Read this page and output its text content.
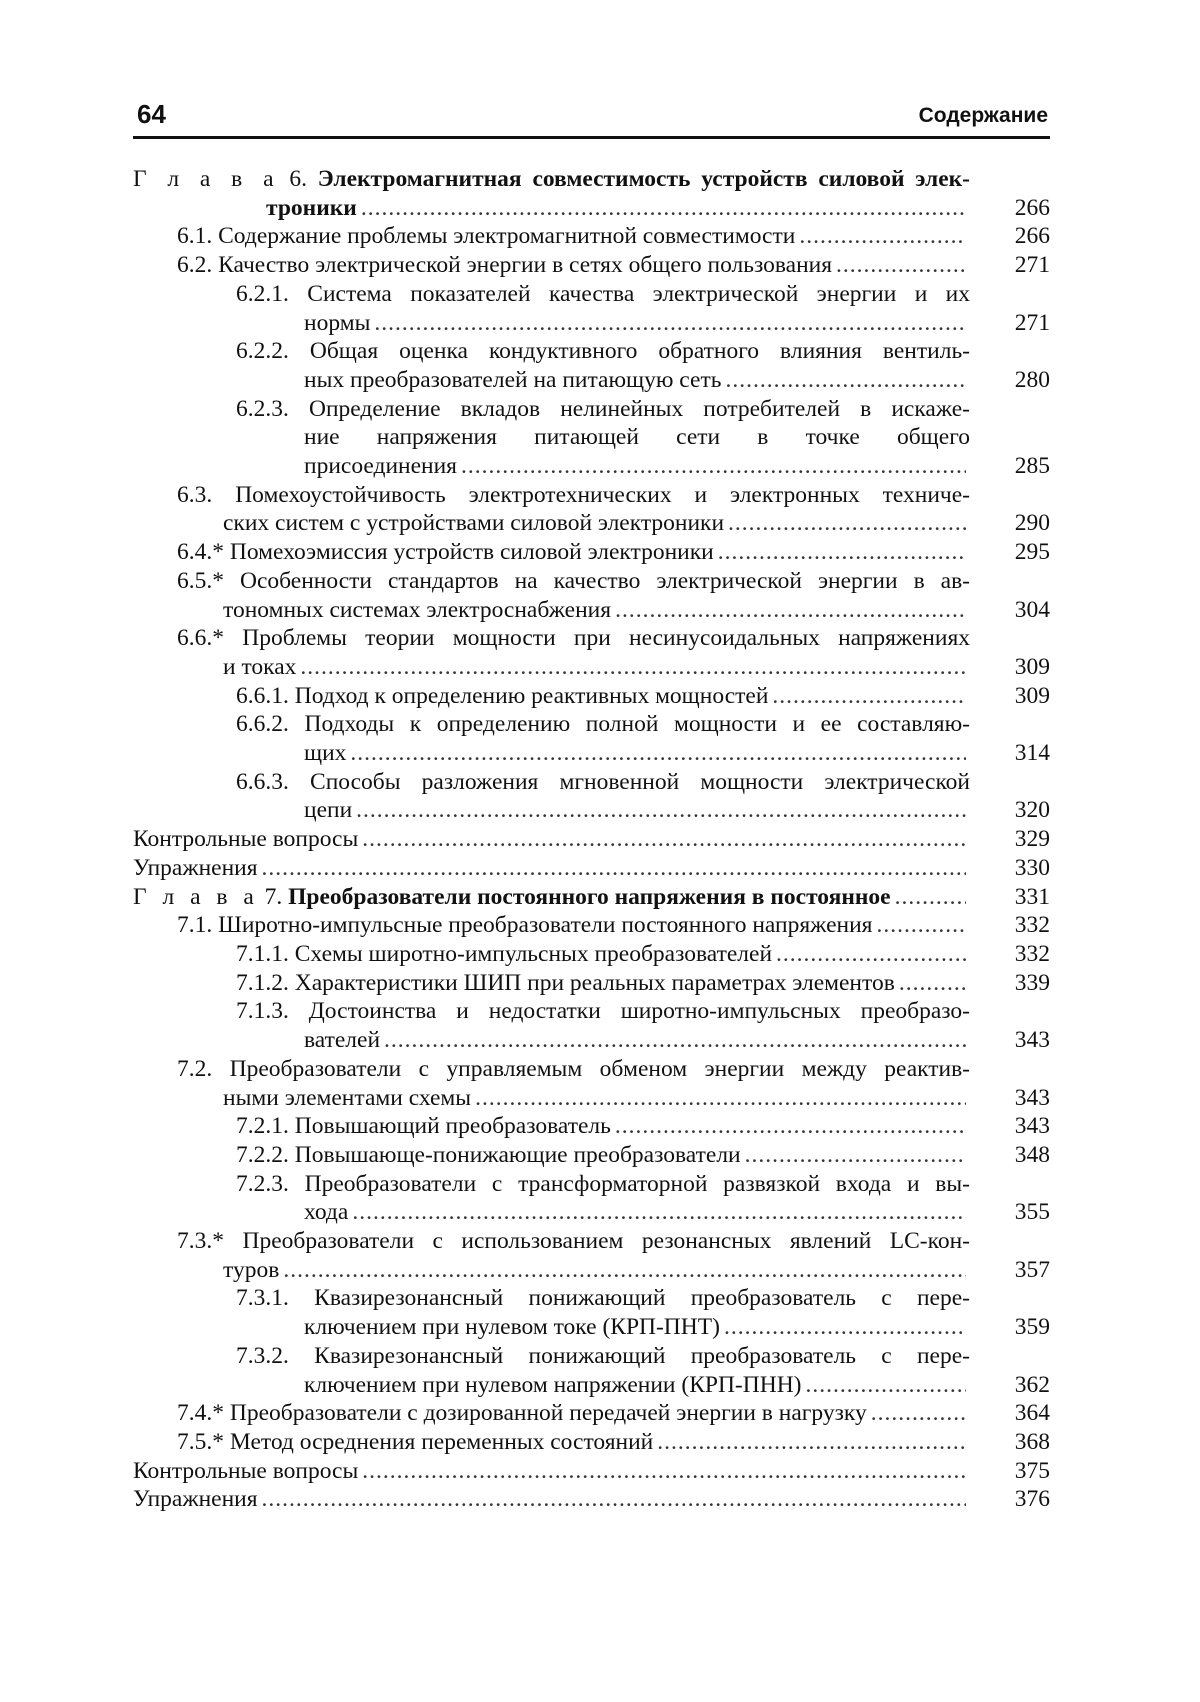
64	Содержание
Г л а в а 6. Электромагнитная совместимость устройств силовой элек-
троники .....	266
6.1. Содержание проблемы электромагнитной совместимости .....	266
6.2. Качество электрической энергии в сетях общего пользования .....	271
6.2.1. Система показателей качества электрической энергии и их
нормы .....	271
6.2.2. Общая оценка кондуктивного обратного влияния вентиль-
ных преобразователей на питающую сеть .....	280
6.2.3. Определение вкладов нелинейных потребителей в искаже-
ние напряжения питающей сети в точке общего
присоединения .....	285
6.3. Помехоустойчивость электротехнических и электронных техниче-
ских систем с устройствами силовой электроники .....	290
6.4.* Помехоэмиссия устройств силовой электроники .....	295
6.5.* Особенности стандартов на качество электрической энергии в ав-
тономных системах электроснабжения .....	304
6.6.* Проблемы теории мощности при несинусоидальных напряжениях
и токах .....	309
6.6.1. Подход к определению реактивных мощностей .....	309
6.6.2. Подходы к определению полной мощности и ее составляю-
щих .....	314
6.6.3. Способы разложения мгновенной мощности электрической
цепи .....	320
Контрольные вопросы .....	329
Упражнения .....	330
Г л а в а 7. Преобразователи постоянного напряжения в постоянное .....	331
7.1. Широтно-импульсные преобразователи постоянного напряжения .....	332
7.1.1. Схемы широтно-импульсных преобразователей .....	332
7.1.2. Характеристики ШИП при реальных параметрах элементов .....	339
7.1.3. Достоинства и недостатки широтно-импульсных преобразо-
вателей .....	343
7.2. Преобразователи с управляемым обменом энергии между реактив-
ными элементами схемы .....	343
7.2.1. Повышающий преобразователь .....	343
7.2.2. Повышающе-понижающие преобразователи .....	348
7.2.3. Преобразователи с трансформаторной развязкой входа и вы-
хода .....	355
7.3.* Преобразователи с использованием резонансных явлений LC-кон-
туров .....	357
7.3.1. Квазирезонансный понижающий преобразователь с пере-
ключением при нулевом токе (КРП-ПНТ) .....	359
7.3.2. Квазирезонансный понижающий преобразователь с пере-
ключением при нулевом напряжении (КРП-ПНН) .....	362
7.4.* Преобразователи с дозированной передачей энергии в нагрузку .....	364
7.5.* Метод осреднения переменных состояний .....	368
Контрольные вопросы .....	375
Упражнения .....	376
